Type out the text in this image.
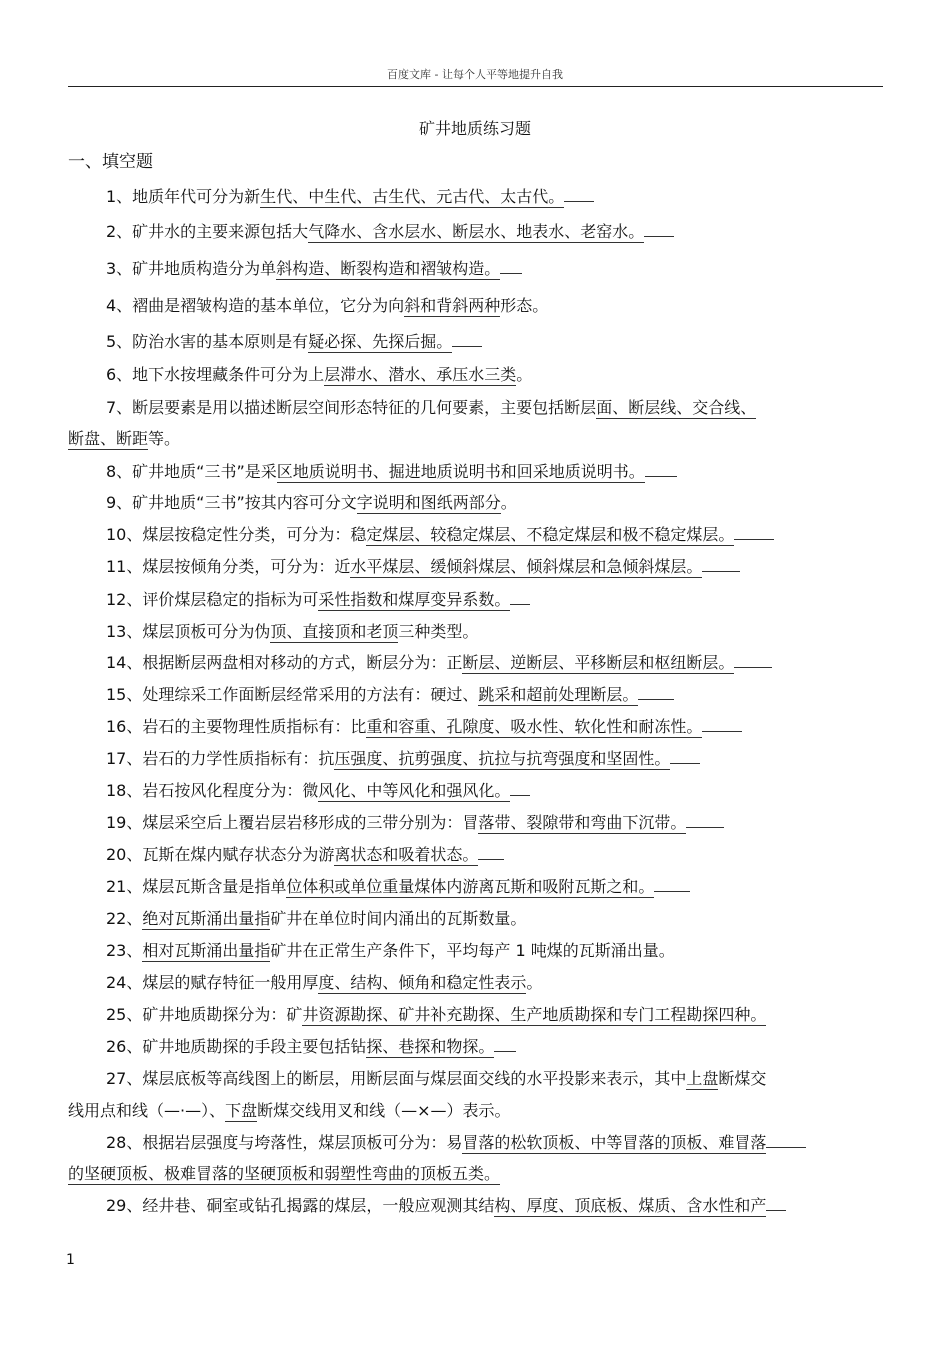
百度文库 - 让每个人平等地提升自我
矿井地质练习题
一、填空题
1、地质年代可分为新生代、中生代、古生代、元古代、太古代。
2、矿井水的主要来源包括大气降水、含水层水、断层水、地表水、老窑水。
3、矿井地质构造分为单斜构造、断裂构造和褶皱构造。
4、褶曲是褶皱构造的基本单位，它分为向斜和背斜两种形态。
5、防治水害的基本原则是有疑必探、先探后掘。
6、地下水按埋藏条件可分为上层滞水、潜水、承压水三类。
7、断层要素是用以描述断层空间形态特征的几何要素，主要包括断层面、断层线、交合线、
断盘、断距等。
8、矿井地质“三书”是采区地质说明书、掘进地质说明书和回采地质说明书。
9、矿井地质“三书”按其内容可分文字说明和图纸两部分。
10、煤层按稳定性分类，可分为：稳定煤层、较稳定煤层、不稳定煤层和极不稳定煤层。
11、煤层按倾角分类，可分为：近水平煤层、缓倾斜煤层、倾斜煤层和急倾斜煤层。
12、评价煤层稳定的指标为可采性指数和煤厚变异系数。
13、煤层顶板可分为伪顶、直接顶和老顶三种类型。
14、根据断层两盘相对移动的方式，断层分为：正断层、逆断层、平移断层和枢纽断层。
15、处理综采工作面断层经常采用的方法有：硬过、跳采和超前处理断层。
16、岩石的主要物理性质指标有：比重和容重、孔隙度、吸水性、软化性和耐冻性。
17、岩石的力学性质指标有：抗压强度、抗剪强度、抗拉与抗弯强度和坚固性。
18、岩石按风化程度分为：微风化、中等风化和强风化。
19、煤层采空后上覆岩层岩移形成的三带分别为：冒落带、裂隙带和弯曲下沉带。
20、瓦斯在煤内赋存状态分为游离状态和吸着状态。
21、煤层瓦斯含量是指单位体积或单位重量煤体内游离瓦斯和吸附瓦斯之和。
22、绝对瓦斯涌出量指矿井在单位时间内涌出的瓦斯数量。
23、相对瓦斯涌出量指矿井在正常生产条件下，平均每产 1 吨煤的瓦斯涌出量。
24、煤层的赋存特征一般用厚度、结构、倾角和稳定性表示。
25、矿井地质勘探分为：矿井资源勘探、矿井补充勘探、生产地质勘探和专门工程勘探四种。
26、矿井地质勘探的手段主要包括钻探、巷探和物探。
27、煤层底板等高线图上的断层，用断层面与煤层面交线的水平投影来表示，其中上盘断煤交
线用点和线（—·—）、下盘断煤交线用叉和线（—×—）表示。
28、根据岩层强度与垮落性，煤层顶板可分为：易冒落的松软顶板、中等冒落的顶板、难冒落
的坚硬顶板、极难冒落的坚硬顶板和弱塑性弯曲的顶板五类。
29、经井巷、硐室或钻孔揭露的煤层，一般应观测其结构、厚度、顶底板、煤质、含水性和产
1
